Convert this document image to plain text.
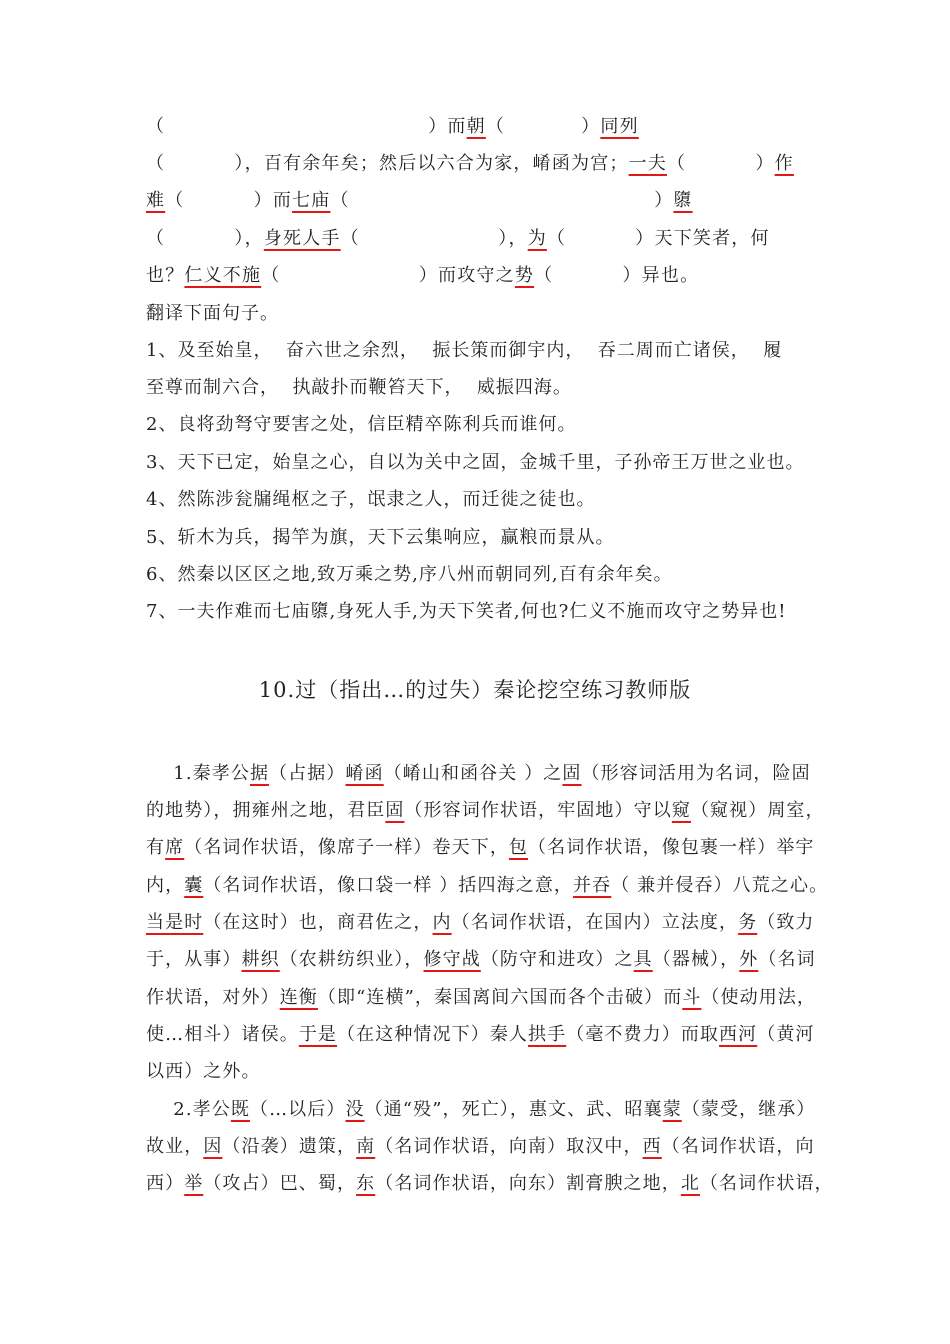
（                                      ）而朝（           ）同列
（          ），百有余年矣；然后以六合为家，崤函为宫；一夫（          ）作
难（          ）而七庙（                                            ）隳
（          ），身死人手（                    ），为（          ）天下笑者，何
也？仁义不施（                    ）而攻守之势（          ）异也。
翻译下面句子。
1、及至始皇，  奋六世之余烈，  振长策而御宇内，  吞二周而亡诸侯，  履
至尊而制六合，  执敲扑而鞭笞天下，  威振四海。
2、良将劲弩守要害之处，信臣精卒陈利兵而谁何。
3、天下已定，始皇之心，自以为关中之固，金城千里，子孙帝王万世之业也。
4、然陈涉瓮牖绳枢之子，氓隶之人，而迁徙之徒也。
5、斩木为兵，揭竿为旗，天下云集响应，赢粮而景从。
6、然秦以区区之地,致万乘之势,序八州而朝同列,百有余年矣。
7、一夫作难而七庙隳,身死人手,为天下笑者,何也?仁义不施而攻守之势异也!
10.过（指出…的过失）秦论挖空练习教师版
1.秦孝公据（占据）崤函（崤山和函谷关 ）之固（形容词活用为名词，险固
的地势），拥雍州之地，君臣固（形容词作状语，牢固地）守以窥（窥视）周室，
有席（名词作状语，像席子一样）卷天下，包（名词作状语，像包裹一样）举宇
内，囊（名词作状语，像口袋一样 ）括四海之意，并吞（ 兼并侵吞）八荒之心。
当是时（在这时）也，商君佐之，内（名词作状语，在国内）立法度，务（致力
于，从事）耕织（农耕纺织业），修守战（防守和进攻）之具（器械），外（名词
作状语，对外）连衡（即“连横”，秦国离间六国而各个击破）而斗（使动用法，
使…相斗）诸侯。于是（在这种情况下）秦人拱手（毫不费力）而取西河（黄河
以西）之外。
2.孝公既（…以后）没（通“殁”，死亡），惠文、武、昭襄蒙（蒙受，继承）
故业，因（沿袭）遗策，南（名词作状语，向南）取汉中，西（名词作状语，向
西）举（攻占）巴、蜀，东（名词作状语，向东）割膏腴之地，北（名词作状语，
